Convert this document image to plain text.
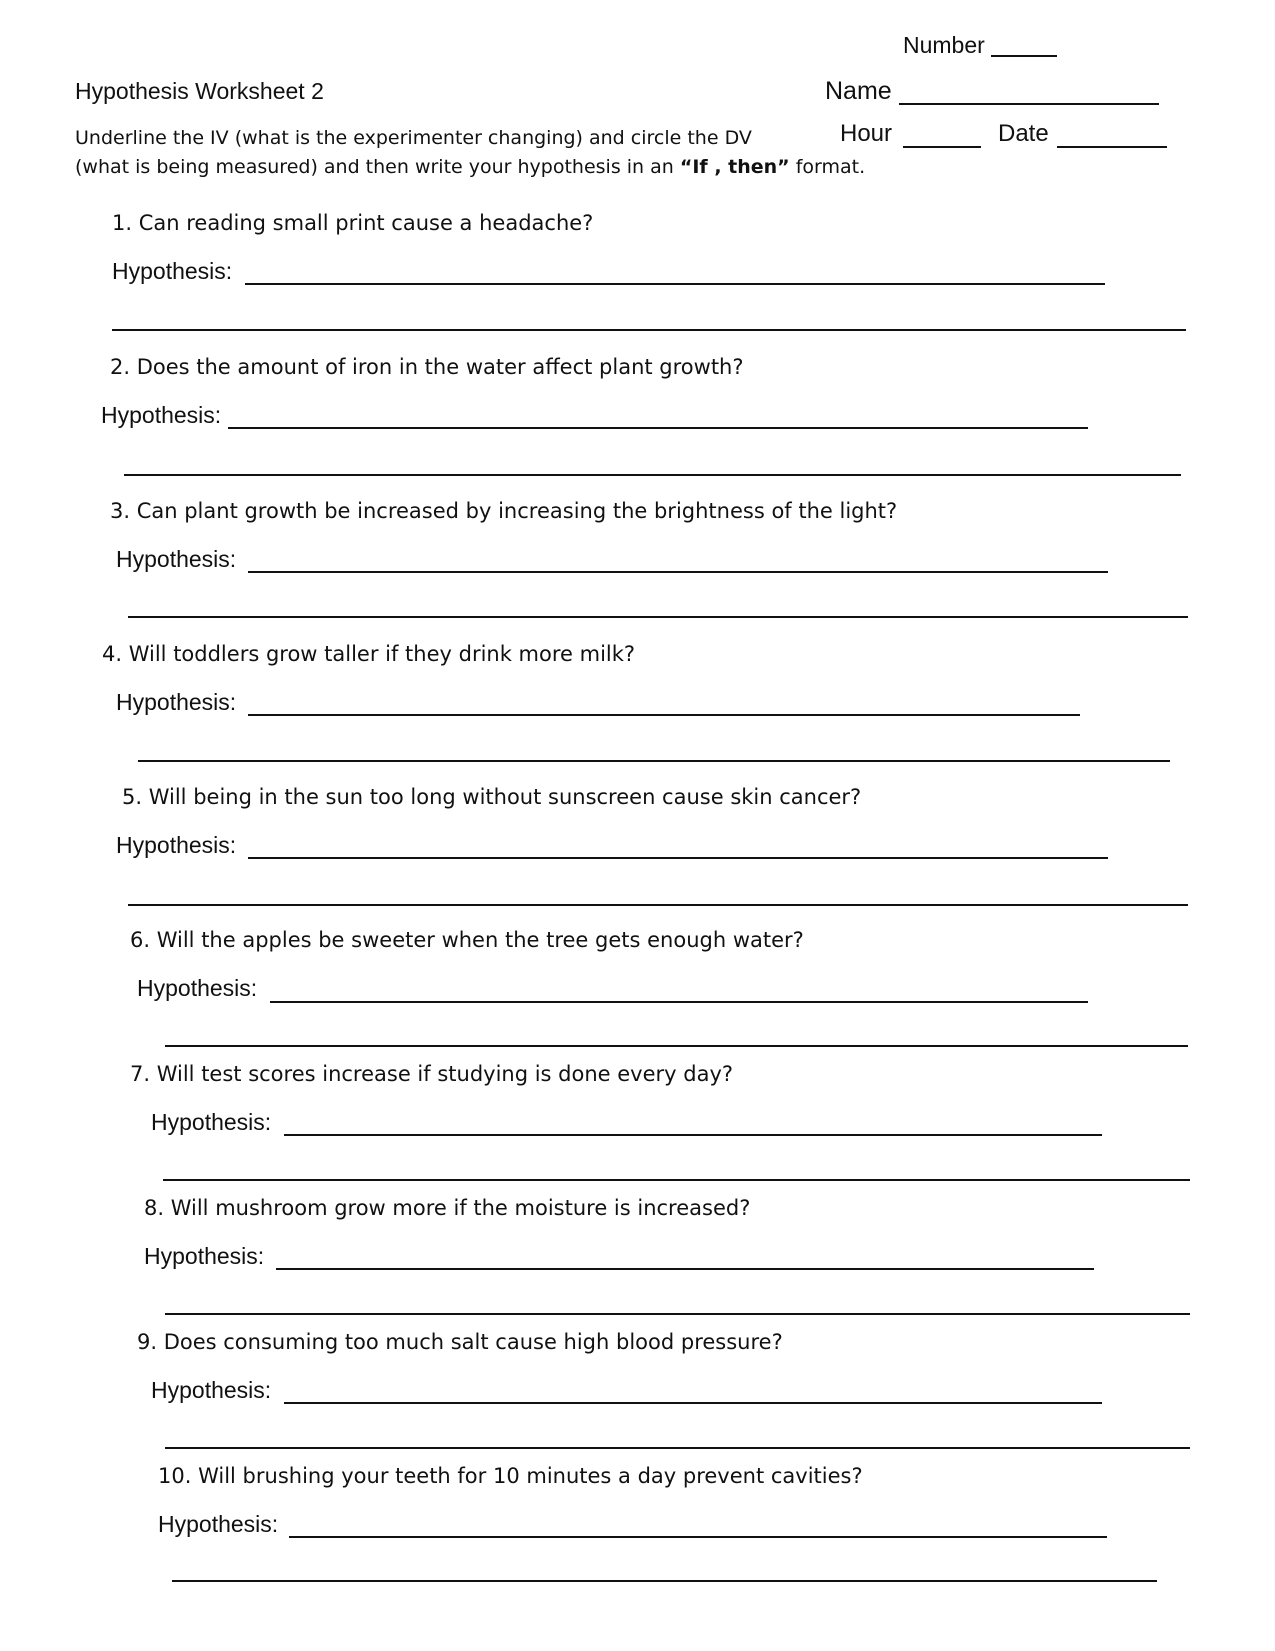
Number
Hypothesis Worksheet 2	Name
Hour	Date
Underline the IV (what is the experimenter changing) and circle the DV
(what is being measured) and then write your hypothesis in an “If , then” format.
1. Can reading small print cause a headache?
Hypothesis:
2. Does the amount of iron in the water affect plant growth?
Hypothesis:
3. Can plant growth be increased by increasing the brightness of the light?
Hypothesis:
4. Will toddlers grow taller if they drink more milk?
Hypothesis:
5. Will being in the sun too long without sunscreen cause skin cancer?
Hypothesis:
6. Will the apples be sweeter when the tree gets enough water?
Hypothesis:
7. Will test scores increase if studying is done every day?
Hypothesis:
8. Will mushroom grow more if the moisture is increased?
Hypothesis:
9. Does consuming too much salt cause high blood pressure?
Hypothesis:
10. Will brushing your teeth for 10 minutes a day prevent cavities?
Hypothesis:
